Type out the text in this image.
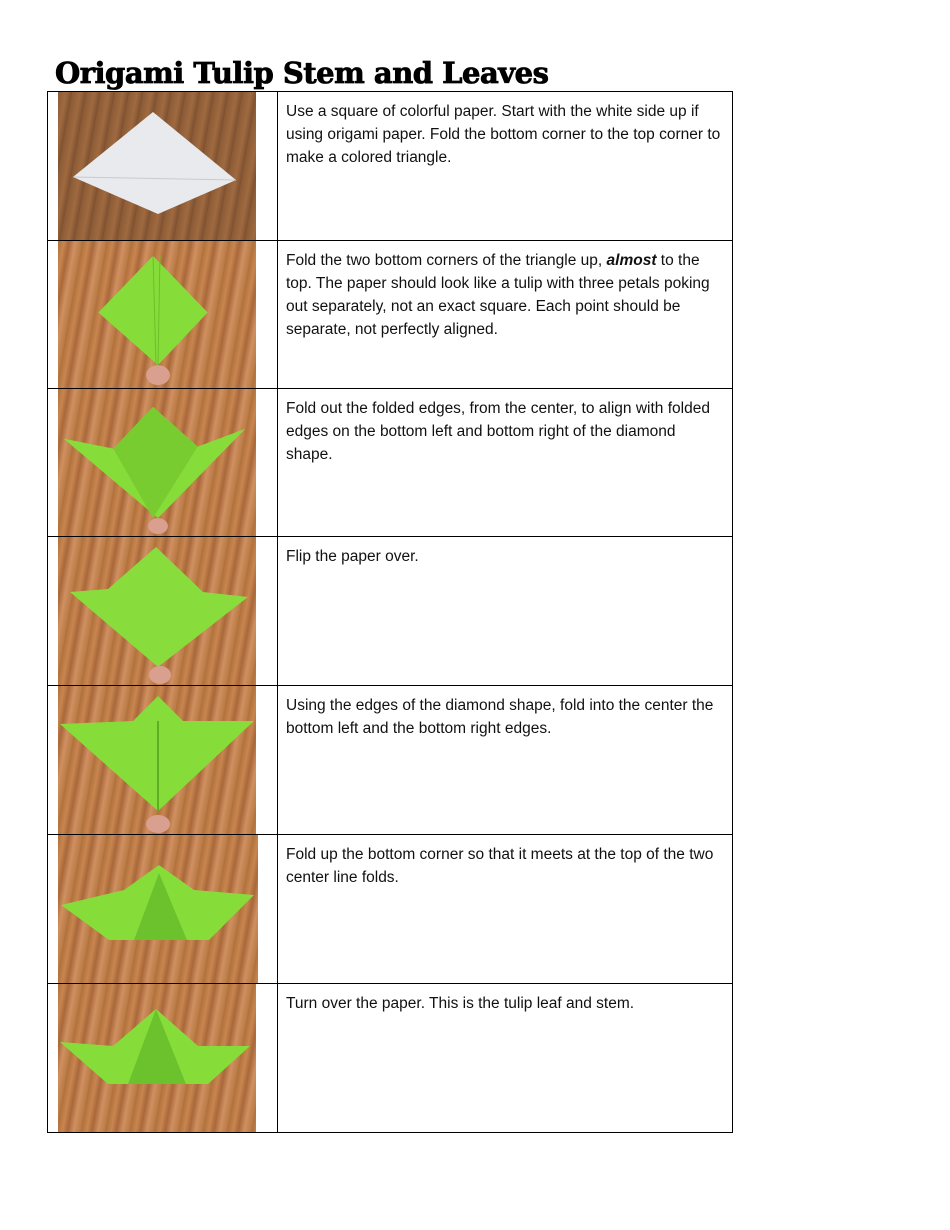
Origami Tulip Stem and Leaves
	Use a square of colorful paper. Start with the white side up if using origami paper. Fold the bottom corner to the top corner to make a colored triangle.

	Fold the two bottom corners of the triangle up, almost to the top. The paper should look like a tulip with three petals poking out separately, not an exact square. Each point should be separate, not perfectly aligned.

	Fold out the folded edges, from the center, to align with folded edges on the bottom left and bottom right of the diamond shape.

	Flip the paper over.

	Using the edges of the diamond shape, fold into the center the bottom left and the bottom right edges.

	Fold up the bottom corner so that it meets at the top of the two center line folds.

	Turn over the paper. This is the tulip leaf and stem.
